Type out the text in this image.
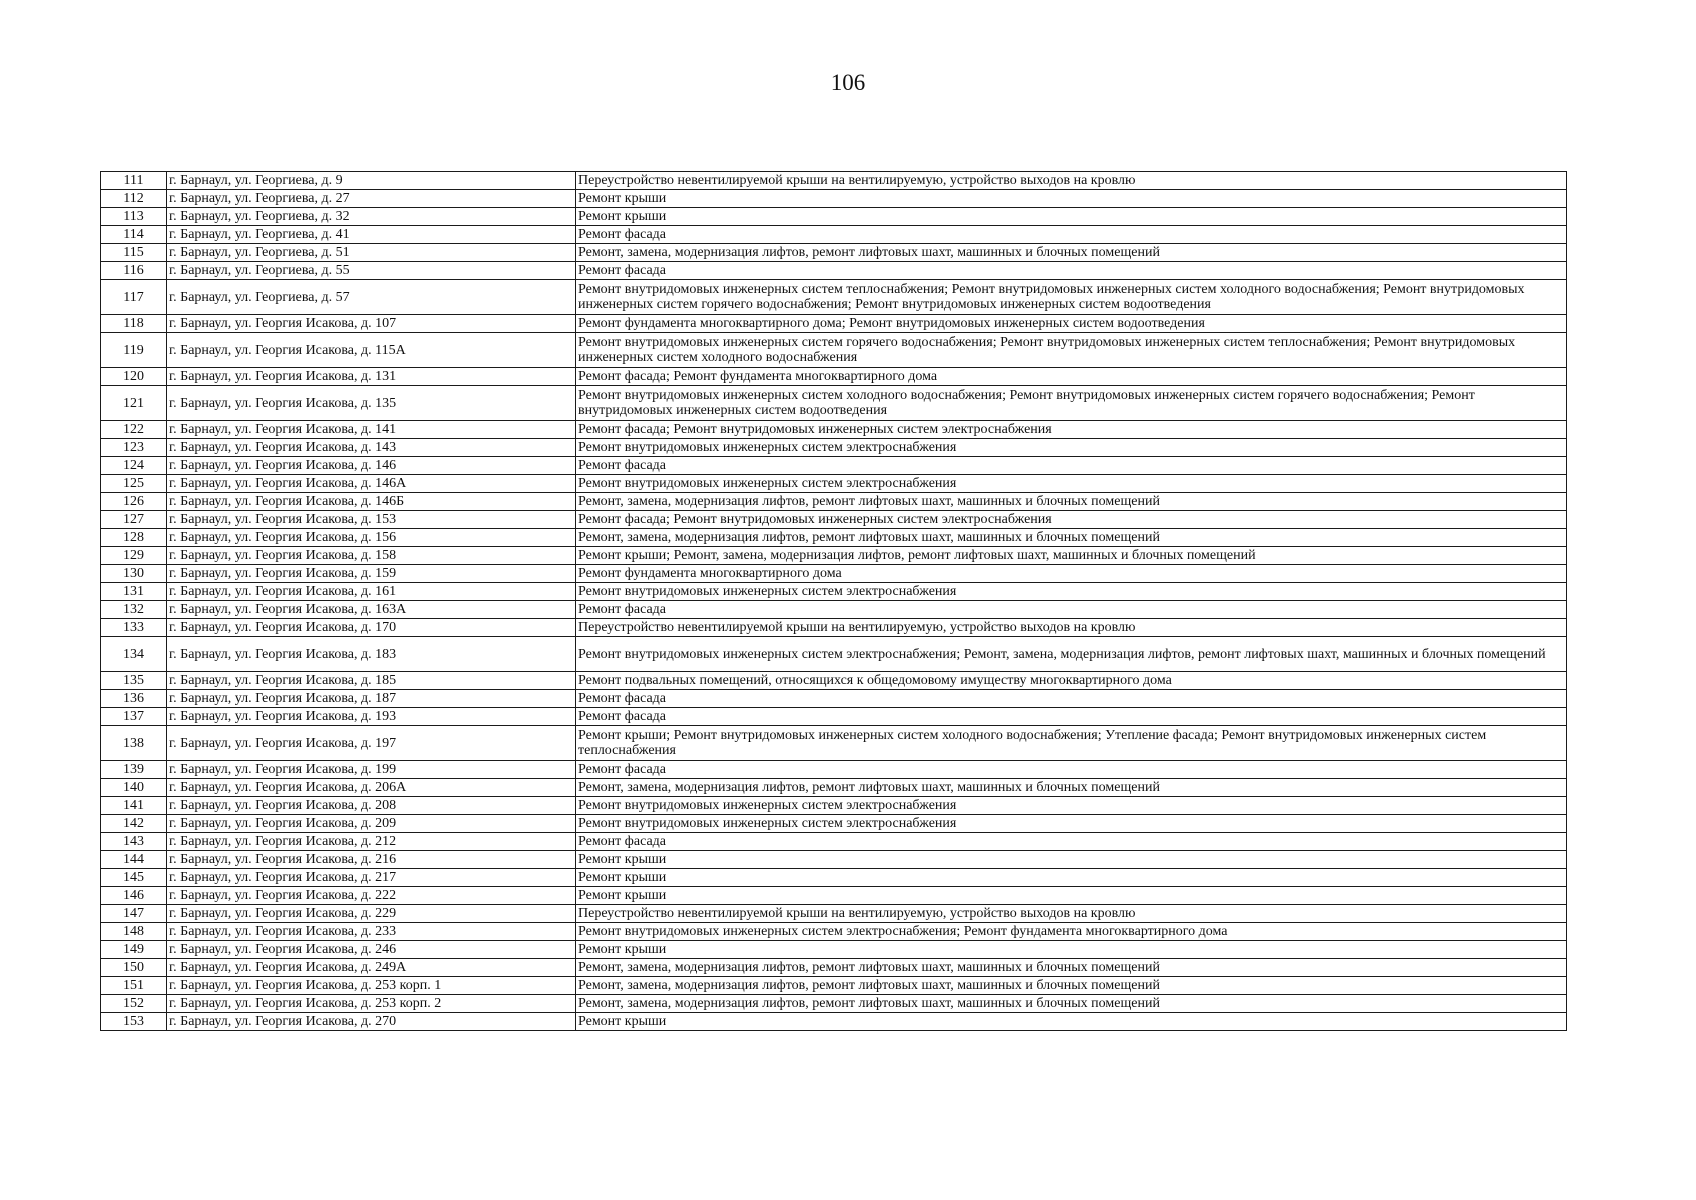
106
111	г. Барнаул, ул. Георгиева, д. 9	Переустройство невентилируемой крыши на вентилируемую, устройство выходов на кровлю
112	г. Барнаул, ул. Георгиева, д. 27	Ремонт крыши
113	г. Барнаул, ул. Георгиева, д. 32	Ремонт крыши
114	г. Барнаул, ул. Георгиева, д. 41	Ремонт фасада
115	г. Барнаул, ул. Георгиева, д. 51	Ремонт, замена, модернизация лифтов, ремонт лифтовых шахт, машинных и блочных помещений
116	г. Барнаул, ул. Георгиева, д. 55	Ремонт фасада
117	г. Барнаул, ул. Георгиева, д. 57	Ремонт внутридомовых инженерных систем теплоснабжения; Ремонт внутридомовых инженерных систем холодного водоснабжения; Ремонт внутридомовых инженерных систем горячего водоснабжения; Ремонт внутридомовых инженерных систем водоотведения
118	г. Барнаул, ул. Георгия Исакова, д. 107	Ремонт фундамента многоквартирного дома; Ремонт внутридомовых инженерных систем водоотведения
119	г. Барнаул, ул. Георгия Исакова, д. 115А	Ремонт внутридомовых инженерных систем горячего водоснабжения; Ремонт внутридомовых инженерных систем теплоснабжения; Ремонт внутридомовых инженерных систем холодного водоснабжения
120	г. Барнаул, ул. Георгия Исакова, д. 131	Ремонт фасада; Ремонт фундамента многоквартирного дома
121	г. Барнаул, ул. Георгия Исакова, д. 135	Ремонт внутридомовых инженерных систем холодного водоснабжения; Ремонт внутридомовых инженерных систем горячего водоснабжения; Ремонт внутридомовых инженерных систем водоотведения
122	г. Барнаул, ул. Георгия Исакова, д. 141	Ремонт фасада; Ремонт внутридомовых инженерных систем электроснабжения
123	г. Барнаул, ул. Георгия Исакова, д. 143	Ремонт внутридомовых инженерных систем электроснабжения
124	г. Барнаул, ул. Георгия Исакова, д. 146	Ремонт фасада
125	г. Барнаул, ул. Георгия Исакова, д. 146А	Ремонт внутридомовых инженерных систем электроснабжения
126	г. Барнаул, ул. Георгия Исакова, д. 146Б	Ремонт, замена, модернизация лифтов, ремонт лифтовых шахт, машинных и блочных помещений
127	г. Барнаул, ул. Георгия Исакова, д. 153	Ремонт фасада; Ремонт внутридомовых инженерных систем электроснабжения
128	г. Барнаул, ул. Георгия Исакова, д. 156	Ремонт, замена, модернизация лифтов, ремонт лифтовых шахт, машинных и блочных помещений
129	г. Барнаул, ул. Георгия Исакова, д. 158	Ремонт крыши; Ремонт, замена, модернизация лифтов, ремонт лифтовых шахт, машинных и блочных помещений
130	г. Барнаул, ул. Георгия Исакова, д. 159	Ремонт фундамента многоквартирного дома
131	г. Барнаул, ул. Георгия Исакова, д. 161	Ремонт внутридомовых инженерных систем электроснабжения
132	г. Барнаул, ул. Георгия Исакова, д. 163А	Ремонт фасада
133	г. Барнаул, ул. Георгия Исакова, д. 170	Переустройство невентилируемой крыши на вентилируемую, устройство выходов на кровлю
134	г. Барнаул, ул. Георгия Исакова, д. 183	Ремонт внутридомовых инженерных систем электроснабжения; Ремонт, замена, модернизация лифтов, ремонт лифтовых шахт, машинных и блочных помещений
135	г. Барнаул, ул. Георгия Исакова, д. 185	Ремонт подвальных помещений, относящихся к общедомовому имуществу многоквартирного дома
136	г. Барнаул, ул. Георгия Исакова, д. 187	Ремонт фасада
137	г. Барнаул, ул. Георгия Исакова, д. 193	Ремонт фасада
138	г. Барнаул, ул. Георгия Исакова, д. 197	Ремонт крыши; Ремонт внутридомовых инженерных систем холодного водоснабжения; Утепление фасада; Ремонт внутридомовых инженерных систем теплоснабжения
139	г. Барнаул, ул. Георгия Исакова, д. 199	Ремонт фасада
140	г. Барнаул, ул. Георгия Исакова, д. 206А	Ремонт, замена, модернизация лифтов, ремонт лифтовых шахт, машинных и блочных помещений
141	г. Барнаул, ул. Георгия Исакова, д. 208	Ремонт внутридомовых инженерных систем электроснабжения
142	г. Барнаул, ул. Георгия Исакова, д. 209	Ремонт внутридомовых инженерных систем электроснабжения
143	г. Барнаул, ул. Георгия Исакова, д. 212	Ремонт фасада
144	г. Барнаул, ул. Георгия Исакова, д. 216	Ремонт крыши
145	г. Барнаул, ул. Георгия Исакова, д. 217	Ремонт крыши
146	г. Барнаул, ул. Георгия Исакова, д. 222	Ремонт крыши
147	г. Барнаул, ул. Георгия Исакова, д. 229	Переустройство невентилируемой крыши на вентилируемую, устройство выходов на кровлю
148	г. Барнаул, ул. Георгия Исакова, д. 233	Ремонт внутридомовых инженерных систем электроснабжения; Ремонт фундамента многоквартирного дома
149	г. Барнаул, ул. Георгия Исакова, д. 246	Ремонт крыши
150	г. Барнаул, ул. Георгия Исакова, д. 249А	Ремонт, замена, модернизация лифтов, ремонт лифтовых шахт, машинных и блочных помещений
151	г. Барнаул, ул. Георгия Исакова, д. 253 корп. 1	Ремонт, замена, модернизация лифтов, ремонт лифтовых шахт, машинных и блочных помещений
152	г. Барнаул, ул. Георгия Исакова, д. 253 корп. 2	Ремонт, замена, модернизация лифтов, ремонт лифтовых шахт, машинных и блочных помещений
153	г. Барнаул, ул. Георгия Исакова, д. 270	Ремонт крыши
